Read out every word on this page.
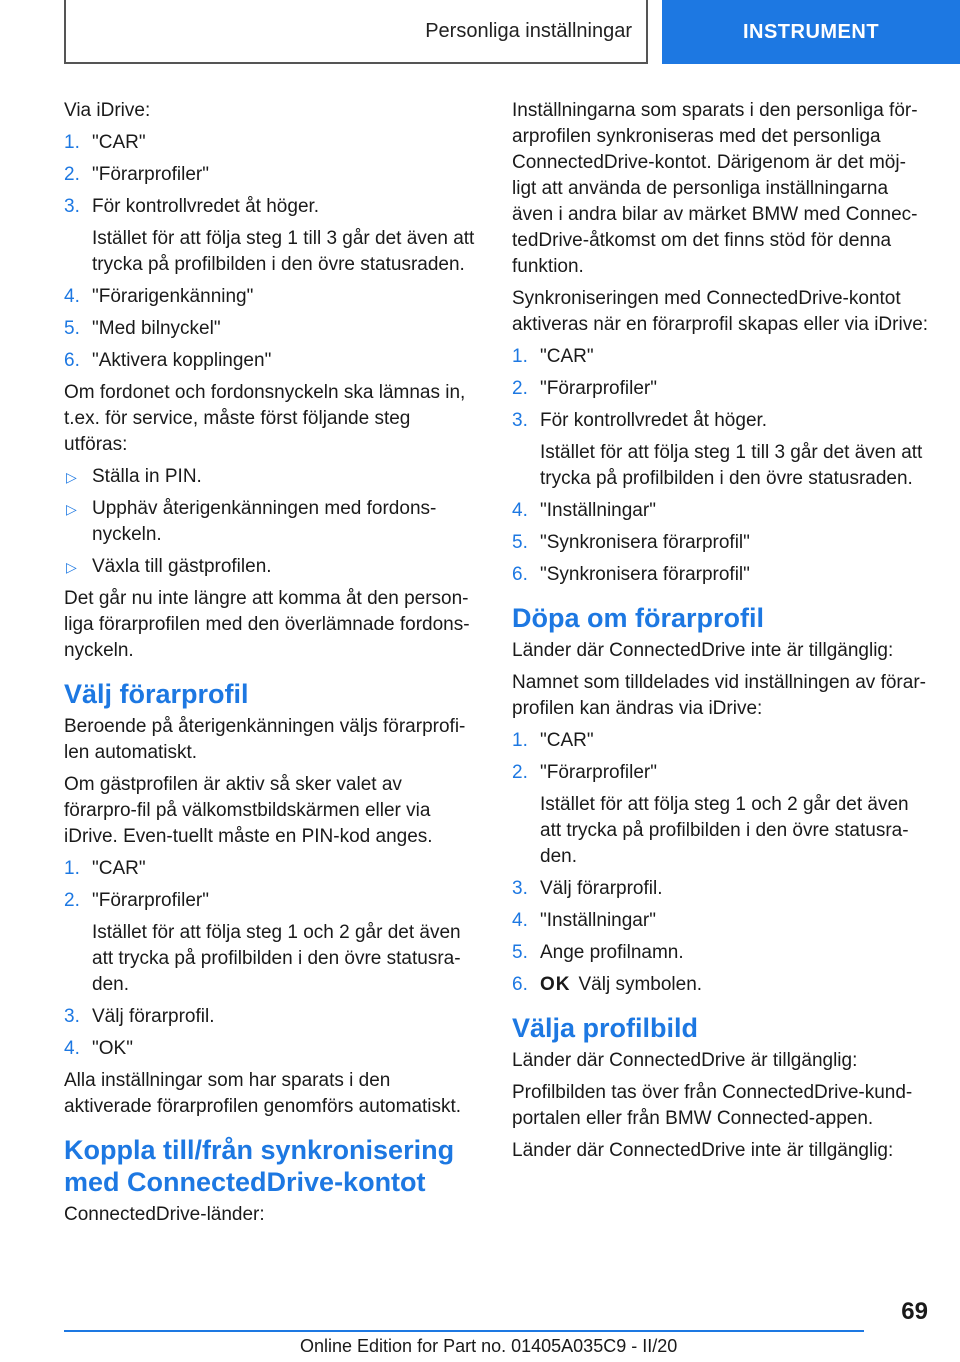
Personliga inställningar	INSTRUMENT

Via iDrive:

1. "CAR"
2. "Förarprofiler"
3. För kontrollvredet åt höger.
Istället för att följa steg 1 till 3 går det även att trycka på profilbilden i den övre statusraden.
4. "Förarigenkänning"
5. "Med bilnyckel"
6. "Aktivera kopplingen"

Om fordonet och fordonsnyckeln ska lämnas in, t.ex. för service, måste först följande steg utföras:

▷ Ställa in PIN.
▷ Upphäv återigenkänningen med fordons‐nyckeln.
▷ Växla till gästprofilen.

Det går nu inte längre att komma åt den person‐liga förarprofilen med den överlämnade fordons‐nyckeln.

Välj förarprofil

Beroende på återigenkänningen väljs förarprofi‐len automatiskt.

Om gästprofilen är aktiv så sker valet av förarpro‐fil på välkomstbildskärmen eller via iDrive. Even‐tuellt måste en PIN-kod anges.

1. "CAR"
2. "Förarprofiler"
Istället för att följa steg 1 och 2 går det även att trycka på profilbilden i den övre statusra‐den.
3. Välj förarprofil.
4. "OK"

Alla inställningar som har sparats i den aktiverade förarprofilen genomförs automatiskt.

Koppla till/från synkronisering med ConnectedDrive-kontot

ConnectedDrive-länder:

Inställningarna som sparats i den personliga för‐arprofilen synkroniseras med det personliga ConnectedDrive-kontot. Därigenom är det möj‐ligt att använda de personliga inställningarna även i andra bilar av märket BMW med Connec‐tedDrive-åtkomst om det finns stöd för denna funktion.

Synkroniseringen med ConnectedDrive-kontot aktiveras när en förarprofil skapas eller via iDrive:

1. "CAR"
2. "Förarprofiler"
3. För kontrollvredet åt höger.
Istället för att följa steg 1 till 3 går det även att trycka på profilbilden i den övre statusraden.
4. "Inställningar"
5. "Synkronisera förarprofil"
6. "Synkronisera förarprofil"
Döpa om förarprofil

Länder där ConnectedDrive inte är tillgänglig:

Namnet som tilldelades vid inställningen av förar‐profilen kan ändras via iDrive:

1. "CAR"
2. "Förarprofiler"
Istället för att följa steg 1 och 2 går det även att trycka på profilbilden i den övre statusra‐den.
3. Välj förarprofil.
4. "Inställningar"
5. Ange profilnamn.
6. OK Välj symbolen.
Välja profilbild

Länder där ConnectedDrive är tillgänglig:

Profilbilden tas över från ConnectedDrive-kund‐portalen eller från BMW Connected-appen.

Länder där ConnectedDrive inte är tillgänglig:

69
Online Edition for Part no. 01405A035C9 - II/20
